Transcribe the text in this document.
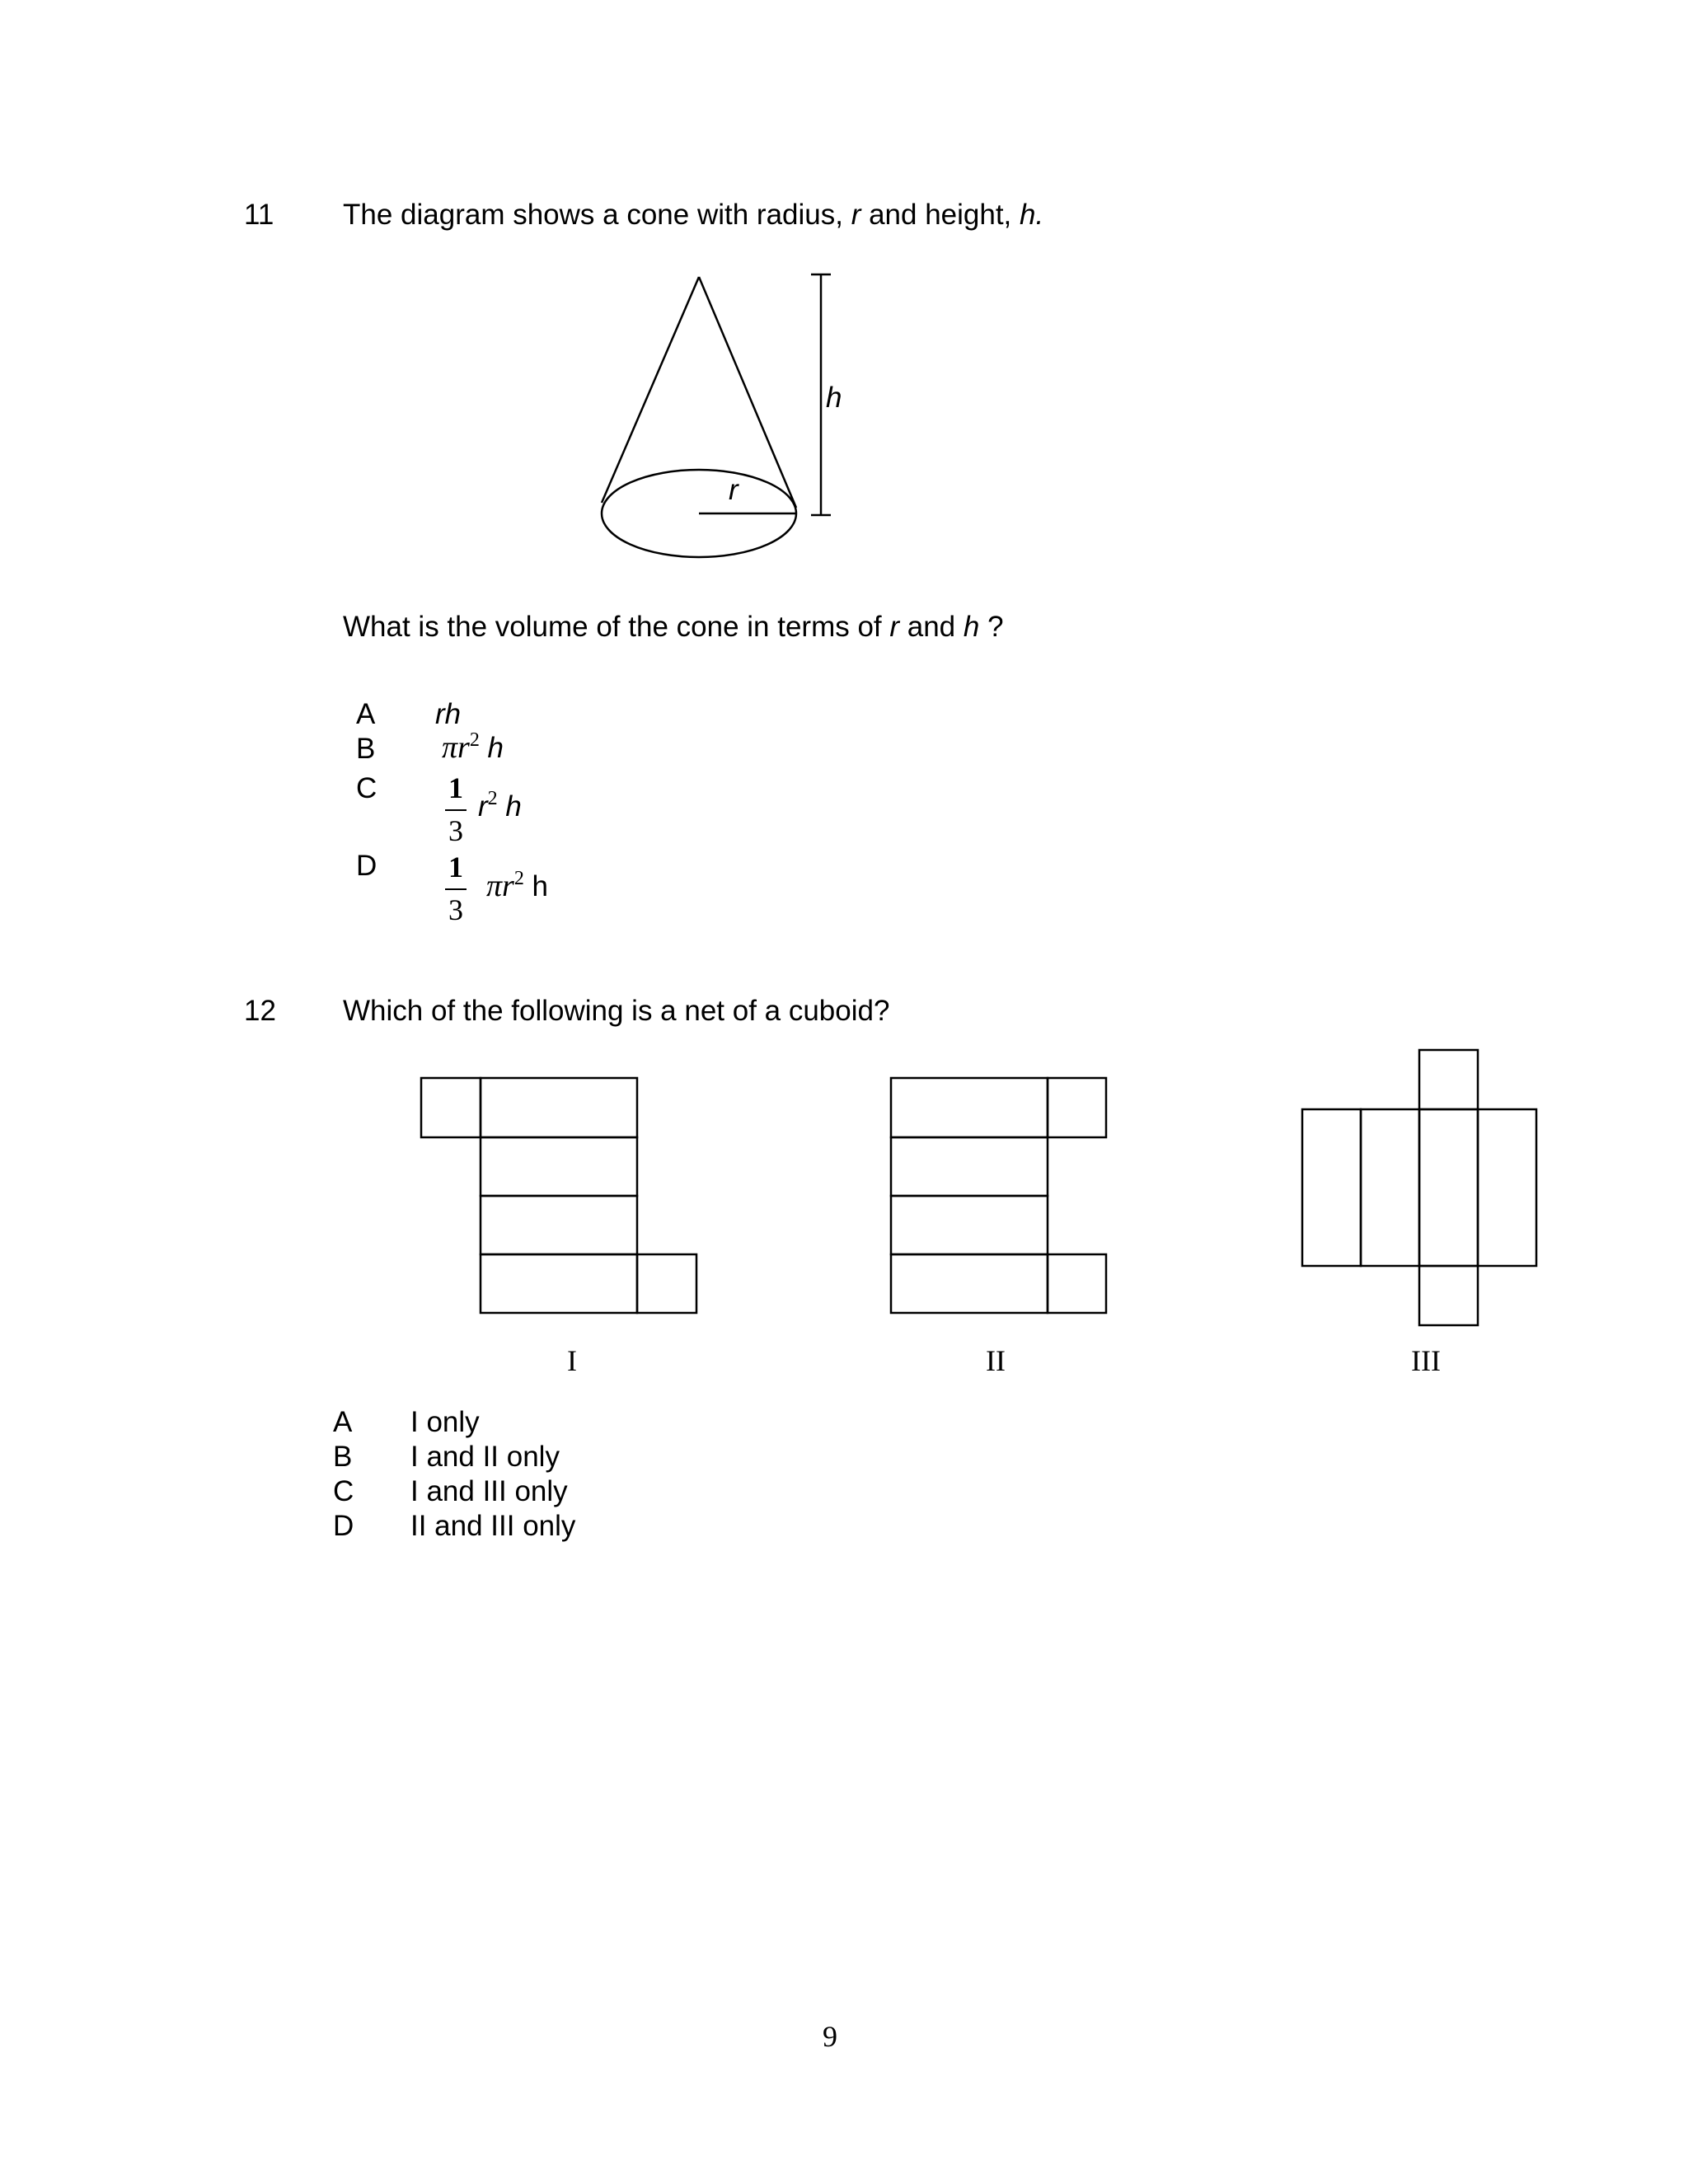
11 The diagram shows a cone with radius, r and height, h.
r
h
What is the volume of the cone in terms of r and h ?
A rh
B $\pi r^2$ h
C 1
3
$r^2$ h
D 1
3
$\pi r^2$ h
12 Which of the following is a net of a cuboid?
I	II	III
A I only
B I and II only
C I and III only
D II and III only
9
